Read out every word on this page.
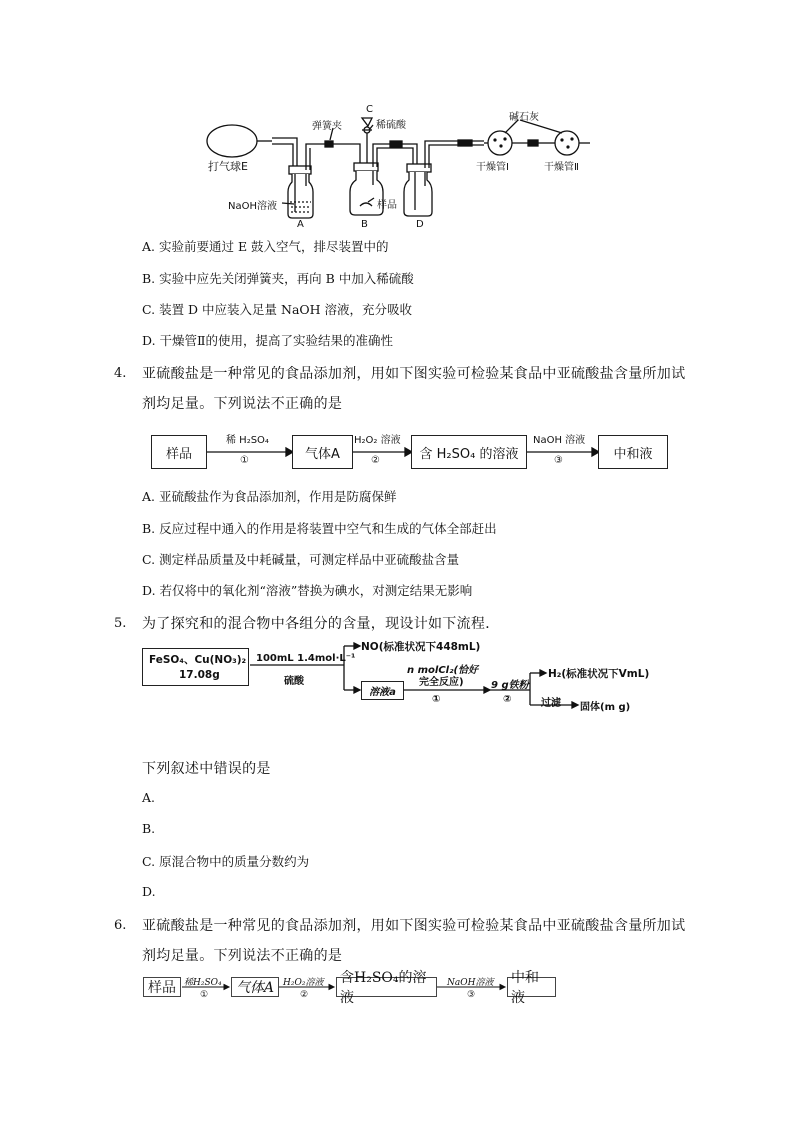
打气球E
弹簧夹
C
稀硫酸
碱石灰
NaOH溶液	样品
A	B	D
干燥管Ⅰ	干燥管Ⅱ
A. 实验前要通过 E 鼓入空气，排尽装置中的
B. 实验中应先关闭弹簧夹，再向 B 中加入稀硫酸
C. 装置 D 中应装入足量 NaOH 溶液，充分吸收
D. 干燥管Ⅱ的使用，提高了实验结果的准确性
4. 亚硫酸盐是一种常见的食品添加剂，用如下图实验可检验某食品中亚硫酸盐含量所加试
剂均足量。下列说法不正确的是
样品	气体A	含 H₂SO₄ 的溶液	中和液
稀 H₂SO₄
①
H₂O₂ 溶液
②
NaOH 溶液
③
A. 亚硫酸盐作为食品添加剂，作用是防腐保鲜
B. 反应过程中通入的作用是将装置中空气和生成的气体全部赶出
C. 测定样品质量及中耗碱量，可测定样品中亚硫酸盐含量
D. 若仅将中的氧化剂“溶液”替换为碘水，对测定结果无影响
5. 为了探究和的混合物中各组分的含量，现设计如下流程．
FeSO₄、Cu(NO₃)₂
17.08g
100mL 1.4mol·L⁻¹
硫酸
NO(标准状况下448mL)
溶液a
n molCl₂(恰好
完全反应)
①
9 g铁粉
②
H₂(标准状况下VmL)
过滤 固体(m g)
下列叙述中错误的是
A.
B.
C. 原混合物中的质量分数约为
D.
6. 亚硫酸盐是一种常见的食品添加剂，用如下图实验可检验某食品中亚硫酸盐含量所加试
剂均足量。下列说法不正确的是
样品	气体A
含H₂SO₄的溶液
中和液
稀H₂SO₄
①
H₂O₂溶液
②
NaOH溶液
③
